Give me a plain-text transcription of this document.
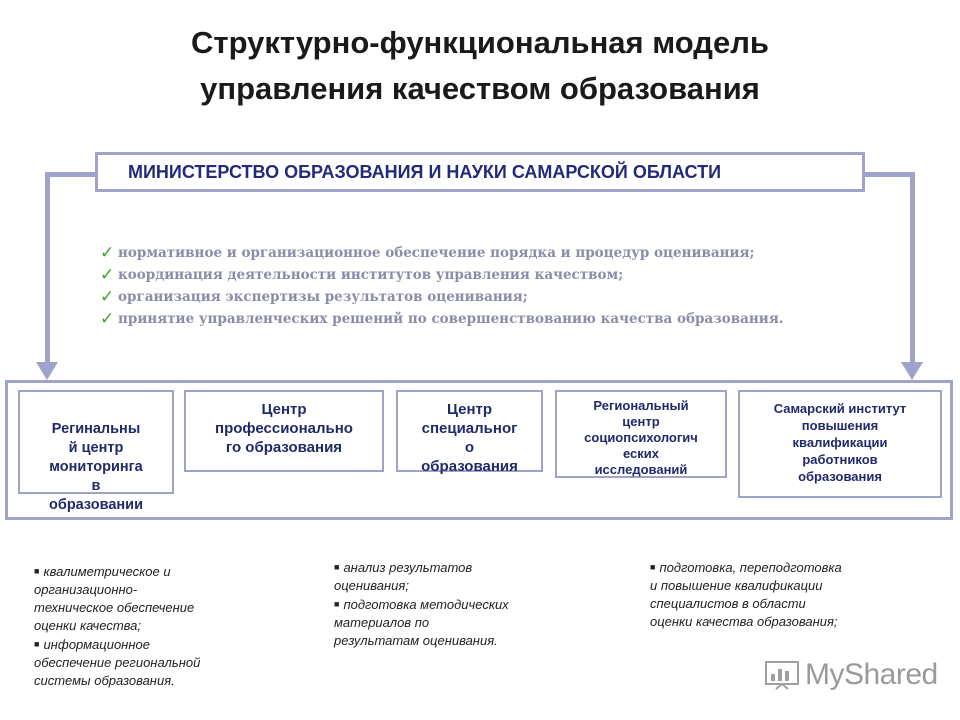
Структурно-функциональная модель
управления качеством образования
МИНИСТЕРСТВО ОБРАЗОВАНИЯ И НАУКИ САМАРСКОЙ ОБЛАСТИ
✓ нормативное и организационное обеспечение порядка и процедур оценивания;
✓ координация деятельности институтов управления качеством;
✓ организация экспертизы результатов оценивания;
✓ принятие управленческих решений по совершенствованию качества образования.
Регинальны
й центр
мониторинга
в
образовании
Центр
профессионально
го образования
Центр
специальног
о
образования
Региональный
центр
социопсихологич
еских
исследований
Самарский институт
повышения
квалификации
работников
образования
■ квалиметрическое и
организационно-
техническое обеспечение
оценки качества;
■ информационное
обеспечение региональной
системы образования.
■ анализ результатов
оценивания;
■ подготовка методических
материалов по
результатам оценивания.
■ подготовка, переподготовка
и повышение квалификации
специалистов в области
оценки качества образования;
MyShared
